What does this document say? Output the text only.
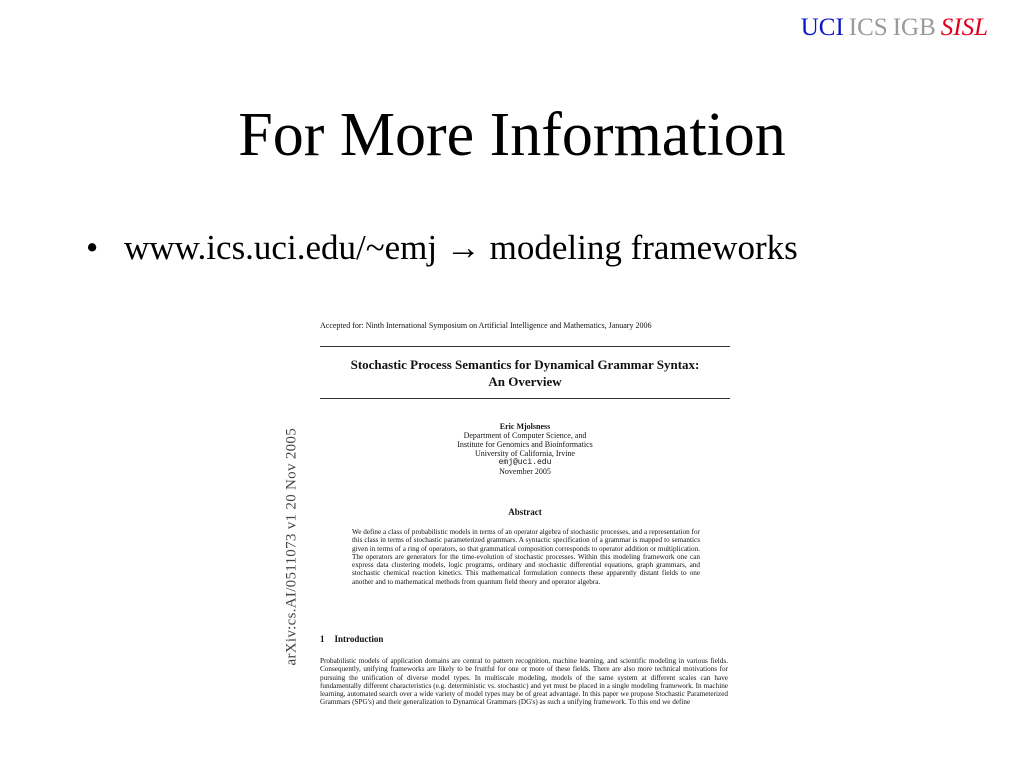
UCI ICS IGB SISL
For More Information
• www.ics.uci.edu/~emj → modeling frameworks
arXiv:cs.AI/0511073 v1 20 Nov 2005
Accepted for: Ninth International Symposium on Artificial Intelligence and Mathematics, January 2006
Stochastic Process Semantics for Dynamical Grammar Syntax:
An Overview
Eric Mjolsness
Department of Computer Science, and
Institute for Genomics and Bioinformatics
University of California, Irvine
emj@uci.edu
November 2005
Abstract
We define a class of probabilistic models in terms of an operator algebra of stochastic processes, and a representation for this class in terms of stochastic parameterized grammars. A syntactic specification of a grammar is mapped to semantics given in terms of a ring of operators, so that grammatical composition corresponds to operator addition or multiplication. The operators are generators for the time-evolution of stochastic processes. Within this modeling framework one can express data clustering models, logic programs, ordinary and stochastic differential equations, graph grammars, and stochastic chemical reaction kinetics. This mathematical formulation connects these apparently distant fields to one another and to mathematical methods from quantum field theory and operator algebra.
1 Introduction
Probabilistic models of application domains are central to pattern recognition, machine learning, and scientific modeling in various fields. Consequently, unifying frameworks are likely to be fruitful for one or more of these fields. There are also more technical motivations for pursuing the unification of diverse model types. In multiscale modeling, models of the same system at different scales can have fundamentally different characteristics (e.g. deterministic vs. stochastic) and yet must be placed in a single modeling framework. In machine learning, automated search over a wide variety of model types may be of great advantage. In this paper we propose Stochastic Parameterized Grammars (SPG's) and their generalization to Dynamical Grammars (DG's) as such a unifying framework. To this end we define
